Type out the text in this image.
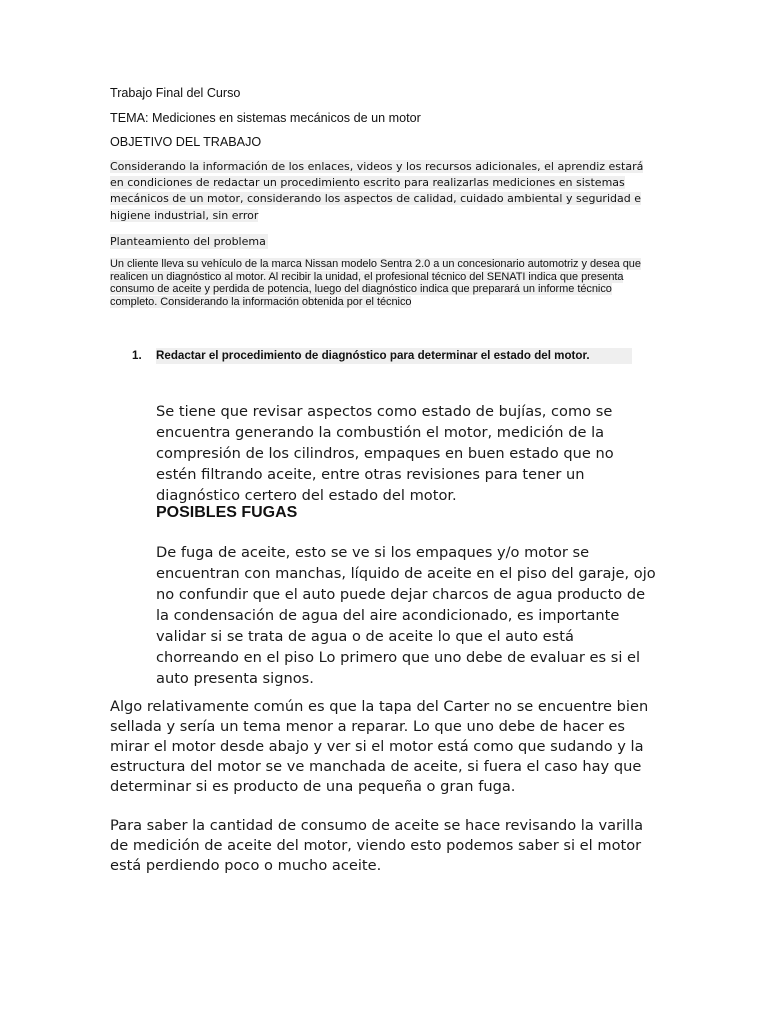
Trabajo Final del Curso

TEMA: Mediciones en sistemas mecánicos de un motor

OBJETIVO DEL TRABAJO

Considerando la información de los enlaces, videos y los recursos adicionales, el aprendiz estará en condiciones de redactar un procedimiento escrito para realizarlas mediciones en sistemas mecánicos de un motor, considerando los aspectos de calidad, cuidado ambiental y seguridad e higiene industrial, sin error

Planteamiento del problema

Un cliente lleva su vehículo de la marca Nissan modelo Sentra 2.0 a un concesionario automotriz y desea que realicen un diagnóstico al motor. Al recibir la unidad, el profesional técnico del SENATI indica que presenta consumo de aceite y perdida de potencia, luego del diagnóstico indica que preparará un informe técnico completo. Considerando la información obtenida por el técnico

1. Redactar el procedimiento de diagnóstico para determinar el estado del motor.

Se tiene que revisar aspectos como estado de bujías, como se encuentra generando la combustión el motor, medición de la compresión de los cilindros, empaques en buen estado que no estén filtrando aceite, entre otras revisiones para tener un diagnóstico certero del estado del motor.

POSIBLES FUGAS

De fuga de aceite, esto se ve si los empaques y/o motor se encuentran con manchas, líquido de aceite en el piso del garaje, ojo no confundir que el auto puede dejar charcos de agua producto de la condensación de agua del aire acondicionado, es importante validar si se trata de agua o de aceite lo que el auto está chorreando en el piso Lo primero que uno debe de evaluar es si el auto presenta signos.

Algo relativamente común es que la tapa del Carter no se encuentre bien sellada y sería un tema menor a reparar. Lo que uno debe de hacer es mirar el motor desde abajo y ver si el motor está como que sudando y la estructura del motor se ve manchada de aceite, si fuera el caso hay que determinar si es producto de una pequeña o gran fuga.

Para saber la cantidad de consumo de aceite se hace revisando la varilla de medición de aceite del motor, viendo esto podemos saber si el motor está perdiendo poco o mucho aceite.
